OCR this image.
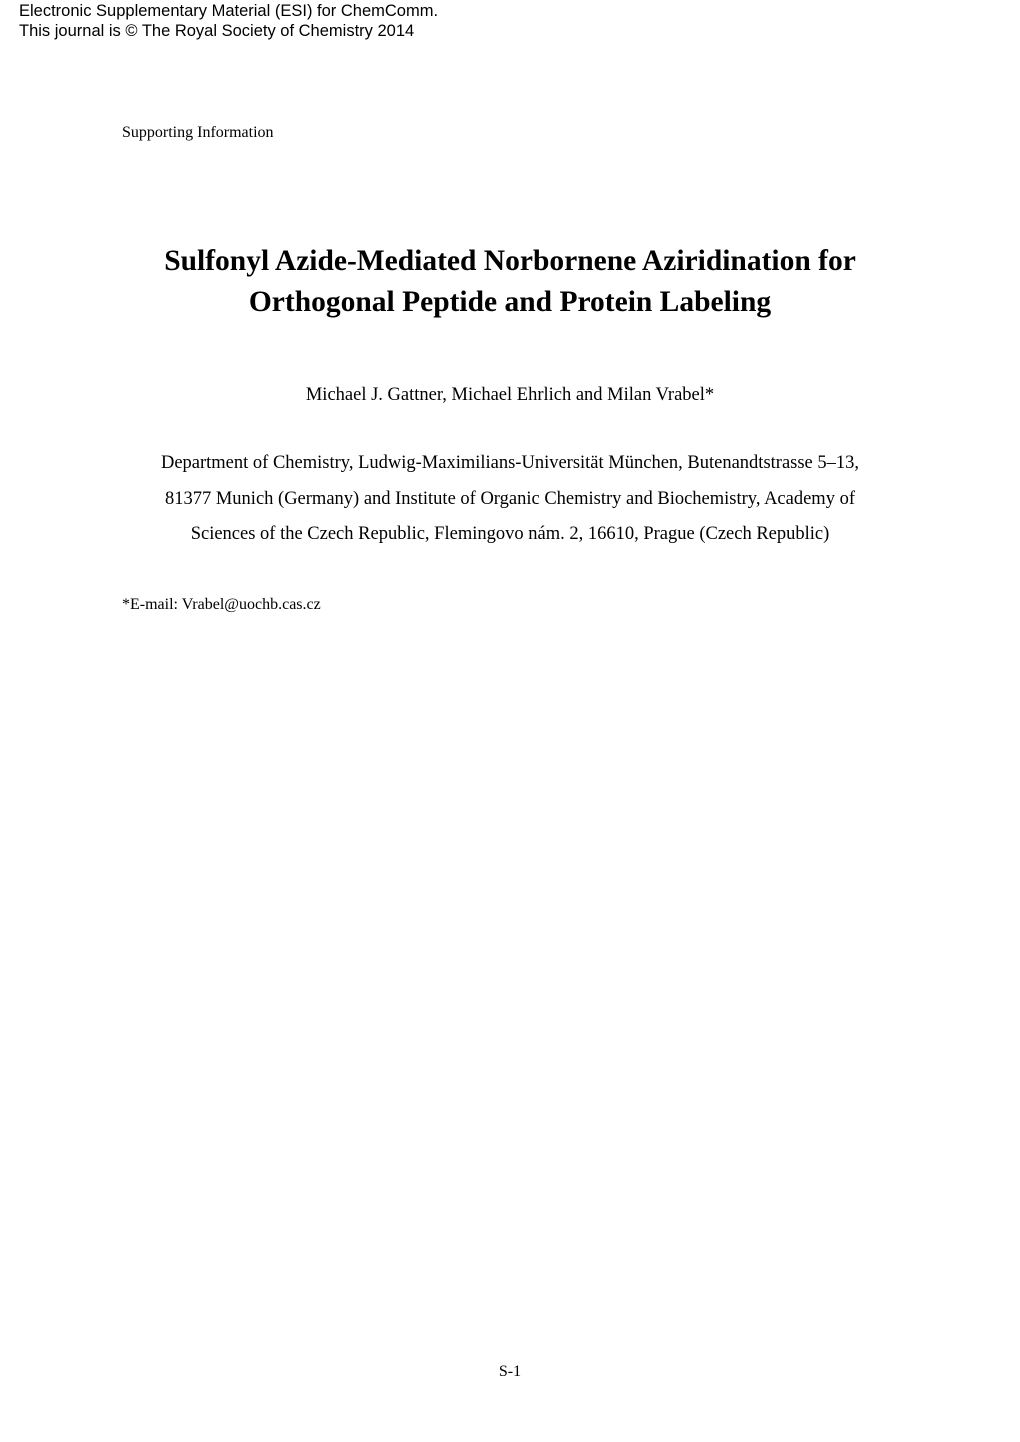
Electronic Supplementary Material (ESI) for ChemComm.
This journal is © The Royal Society of Chemistry 2014

Supporting Information

Sulfonyl Azide‐Mediated Norbornene Aziridination for
Orthogonal Peptide and Protein Labeling

Michael J. Gattner, Michael Ehrlich and Milan Vrabel*

Department of Chemistry, Ludwig-Maximilians-Universität München, Butenandtstrasse 5–13,
81377 Munich (Germany) and Institute of Organic Chemistry and Biochemistry, Academy of
Sciences of the Czech Republic, Flemingovo nám. 2, 16610, Prague (Czech Republic)

*E-mail: Vrabel@uochb.cas.cz

S-1
